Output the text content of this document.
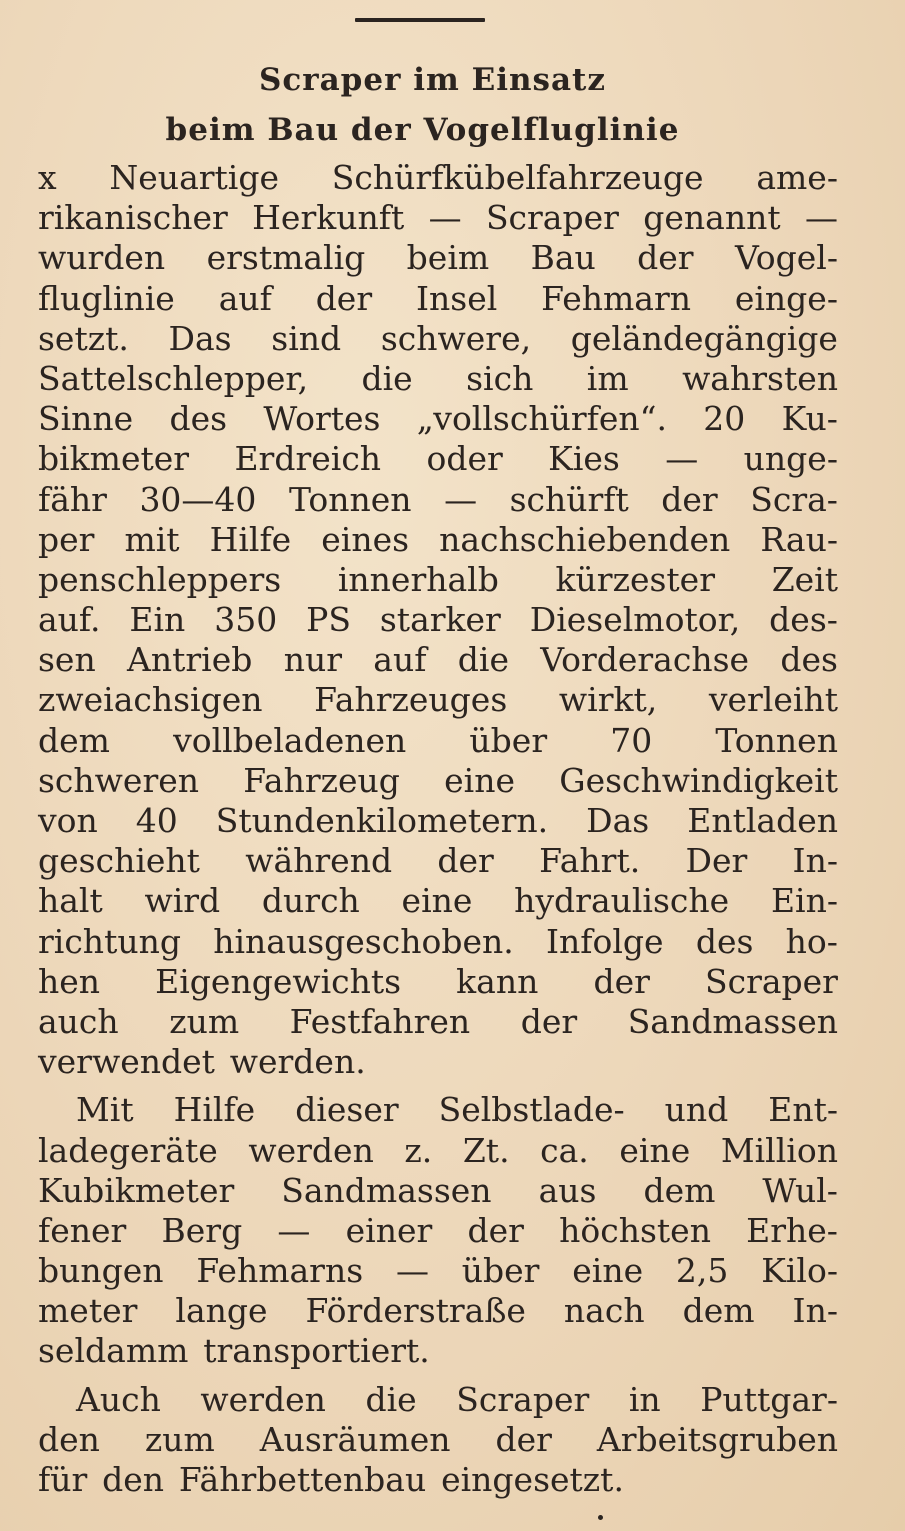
Scraper im Einsatz
beim Bau der Vogelfluglinie
x Neuartige Schürfkübelfahrzeuge ame-
rikanischer Herkunft — Scraper genannt —
wurden erstmalig beim Bau der Vogel-
fluglinie auf der Insel Fehmarn einge-
setzt. Das sind schwere, geländegängige
Sattelschlepper, die sich im wahrsten
Sinne des Wortes „vollschürfen“. 20 Ku-
bikmeter Erdreich oder Kies — unge-
fähr 30—40 Tonnen — schürft der Scra-
per mit Hilfe eines nachschiebenden Rau-
penschleppers innerhalb kürzester Zeit
auf. Ein 350 PS starker Dieselmotor, des-
sen Antrieb nur auf die Vorderachse des
zweiachsigen Fahrzeuges wirkt, verleiht
dem vollbeladenen über 70 Tonnen
schweren Fahrzeug eine Geschwindigkeit
von 40 Stundenkilometern. Das Entladen
geschieht während der Fahrt. Der In-
halt wird durch eine hydraulische Ein-
richtung hinausgeschoben. Infolge des ho-
hen Eigengewichts kann der Scraper
auch zum Festfahren der Sandmassen
verwendet werden.
Mit Hilfe dieser Selbstlade- und Ent-
ladegeräte werden z. Zt. ca. eine Million
Kubikmeter Sandmassen aus dem Wul-
fener Berg — einer der höchsten Erhe-
bungen Fehmarns — über eine 2,5 Kilo-
meter lange Förderstraße nach dem In-
seldamm transportiert.
Auch werden die Scraper in Puttgar-
den zum Ausräumen der Arbeitsgruben
für den Fährbettenbau eingesetzt.
